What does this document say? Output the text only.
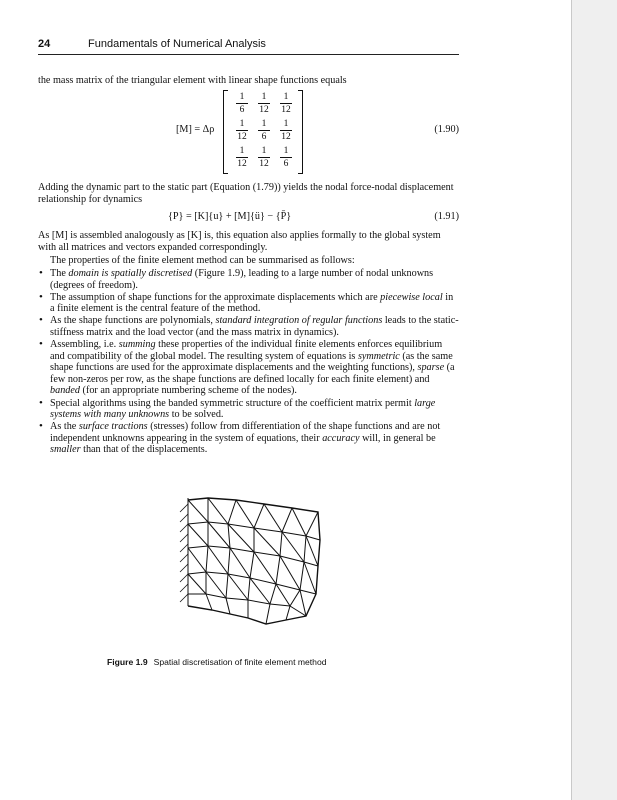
24	Fundamentals of Numerical Analysis
the mass matrix of the triangular element with linear shape functions equals
[M] = Δρ
$\frac{1}{6} \frac{1}{12} \frac{1}{12}$
$\frac{1}{12} \frac{1}{6} \frac{1}{12}$
$\frac{1}{12} \frac{1}{12} \frac{1}{6}$
(1.90)
Adding the dynamic part to the static part (Equation (1.79)) yields the nodal force-nodal displacement relationship for dynamics
{P} = [K]{u} + [M]{ü} − {P̄}	(1.91)
As [M] is assembled analogously as [K] is, this equation also applies formally to the global system with all matrices and vectors expanded correspondingly.
The properties of the finite element method can be summarised as follows:
• The domain is spatially discretised (Figure 1.9), leading to a large number of nodal unknowns (degrees of freedom).
• The assumption of shape functions for the approximate displacements which are piecewise local in a finite element is the central feature of the method.
• As the shape functions are polynomials, standard integration of regular functions leads to the static-stiffness matrix and the load vector (and the mass matrix in dynamics).
• Assembling, i.e. summing these properties of the individual finite elements enforces equilibrium and compatibility of the global model. The resulting system of equations is symmetric (as the same shape functions are used for the approximate displacements and the weighting functions), sparse (a few non-zeros per row, as the shape functions are defined locally for each finite element) and banded (for an appropriate numbering scheme of the nodes).
• Special algorithms using the banded symmetric structure of the coefficient matrix permit large systems with many unknowns to be solved.
• As the surface tractions (stresses) follow from differentiation of the shape functions and are not independent unknowns appearing in the system of equations, their accuracy will, in general be smaller than that of the displacements.
Figure 1.9 Spatial discretisation of finite element method
